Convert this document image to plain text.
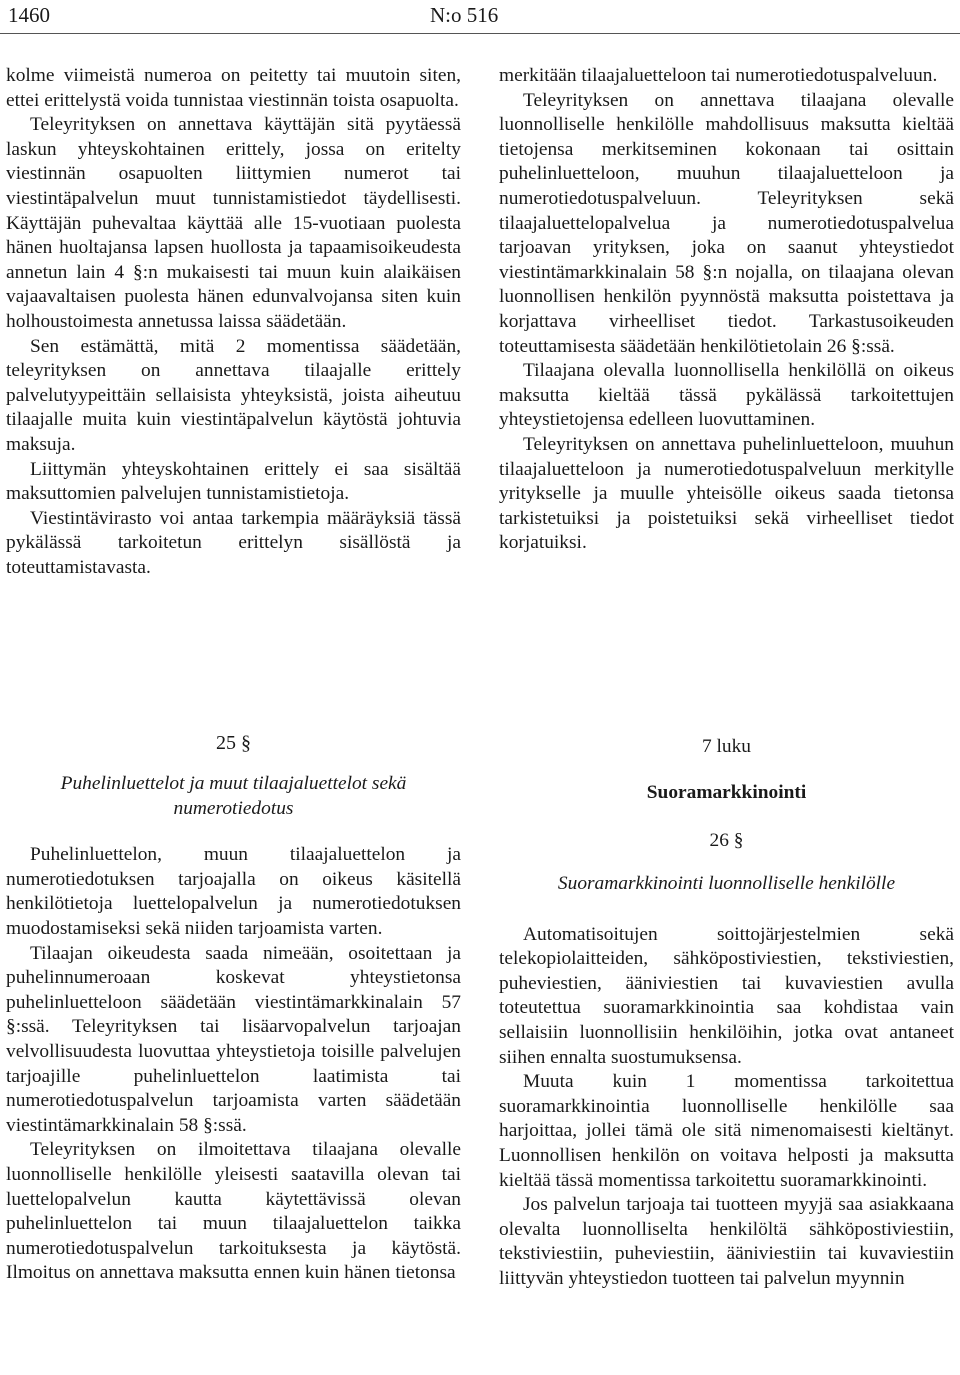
1460	N:o 516

kolme viimeistä numeroa on peitetty tai muutoin siten, ettei erittelystä voida tunnistaa viestinnän toista osapuolta.

Teleyrityksen on annettava käyttäjän sitä pyytäessä laskun yhteyskohtainen erittely, jossa on eritelty viestinnän osapuolten liittymien numerot tai viestintäpalvelun muut tunnistamistiedot täydellisesti. Käyttäjän puhevaltaa käyttää alle 15-vuotiaan puolesta hänen huoltajansa lapsen huollosta ja tapaamisoikeudesta annetun lain 4 §:n mukaisesti tai muun kuin alaikäisen vajaavaltaisen puolesta hänen edunvalvojansa siten kuin holhoustoimesta annetussa laissa säädetään.

Sen estämättä, mitä 2 momentissa säädetään, teleyrityksen on annettava tilaajalle erittely palvelutyypeittäin sellaisista yhteyksistä, joista aiheutuu tilaajalle muita kuin viestintäpalvelun käytöstä johtuvia maksuja.

Liittymän yhteyskohtainen erittely ei saa sisältää maksuttomien palvelujen tunnistamistietoja.

Viestintävirasto voi antaa tarkempia määräyksiä tässä pykälässä tarkoitetun erittelyn sisällöstä ja toteuttamistavasta.

merkitään tilaajaluetteloon tai numerotiedotuspalveluun.

Teleyrityksen on annettava tilaajana olevalle luonnolliselle henkilölle mahdollisuus maksutta kieltää tietojensa merkitseminen kokonaan tai osittain puhelinluetteloon, muuhun tilaajaluetteloon ja numerotiedotuspalveluun. Teleyrityksen sekä tilaajaluettelopalvelua ja numerotiedotuspalvelua tarjoavan yrityksen, joka on saanut yhteystiedot viestintämarkkinalain 58 §:n nojalla, on tilaajana olevan luonnollisen henkilön pyynnöstä maksutta poistettava ja korjattava virheelliset tiedot. Tarkastusoikeuden toteuttamisesta säädetään henkilötietolain 26 §:ssä.

Tilaajana olevalla luonnollisella henkilöllä on oikeus maksutta kieltää tässä pykälässä tarkoitettujen yhteystietojensa edelleen luovuttaminen.

Teleyrityksen on annettava puhelinluetteloon, muuhun tilaajaluetteloon ja numerotiedotuspalveluun merkitylle yritykselle ja muulle yhteisölle oikeus saada tietonsa tarkistetuiksi ja poistetuiksi sekä virheelliset tiedot korjatuiksi.

25 §

Puhelinluettelot ja muut tilaajaluettelot sekä numerotiedotus

Puhelinluettelon, muun tilaajaluettelon ja numerotiedotuksen tarjoajalla on oikeus käsitellä henkilötietoja luettelopalvelun ja numerotiedotuksen muodostamiseksi sekä niiden tarjoamista varten.

Tilaajan oikeudesta saada nimeään, osoitettaan ja puhelinnumeroaan koskevat yhteystietonsa puhelinluetteloon säädetään viestintämarkkinalain 57 §:ssä. Teleyrityksen tai lisäarvopalvelun tarjoajan velvollisuudesta luovuttaa yhteystietoja toisille palvelujen tarjoajille puhelinluettelon laatimista tai numerotiedotuspalvelun tarjoamista varten säädetään viestintämarkkinalain 58 §:ssä.

Teleyrityksen on ilmoitettava tilaajana olevalle luonnolliselle henkilölle yleisesti saatavilla olevan tai luettelopalvelun kautta käytettävissä olevan puhelinluettelon tai muun tilaajaluettelon taikka numerotiedotuspalvelun tarkoituksesta ja käytöstä. Ilmoitus on annettava maksutta ennen kuin hänen tietonsa

7 luku

Suoramarkkinointi

26 §

Suoramarkkinointi luonnolliselle henkilölle

Automatisoitujen soittojärjestelmien sekä telekopiolaitteiden, sähköpostiviestien, tekstiviestien, puheviestien, ääniviestien tai kuvaviestien avulla toteutettua suoramarkkinointia saa kohdistaa vain sellaisiin luonnollisiin henkilöihin, jotka ovat antaneet siihen ennalta suostumuksensa.

Muuta kuin 1 momentissa tarkoitettua suoramarkkinointia luonnolliselle henkilölle saa harjoittaa, jollei tämä ole sitä nimenomaisesti kieltänyt. Luonnollisen henkilön on voitava helposti ja maksutta kieltää tässä momentissa tarkoitettu suoramarkkinointi.

Jos palvelun tarjoaja tai tuotteen myyjä saa asiakkaana olevalta luonnolliselta henkilöltä sähköpostiviestiin, tekstiviestiin, puheviestiin, ääniviestiin tai kuvaviestiin liittyvän yhteystiedon tuotteen tai palvelun myynnin
